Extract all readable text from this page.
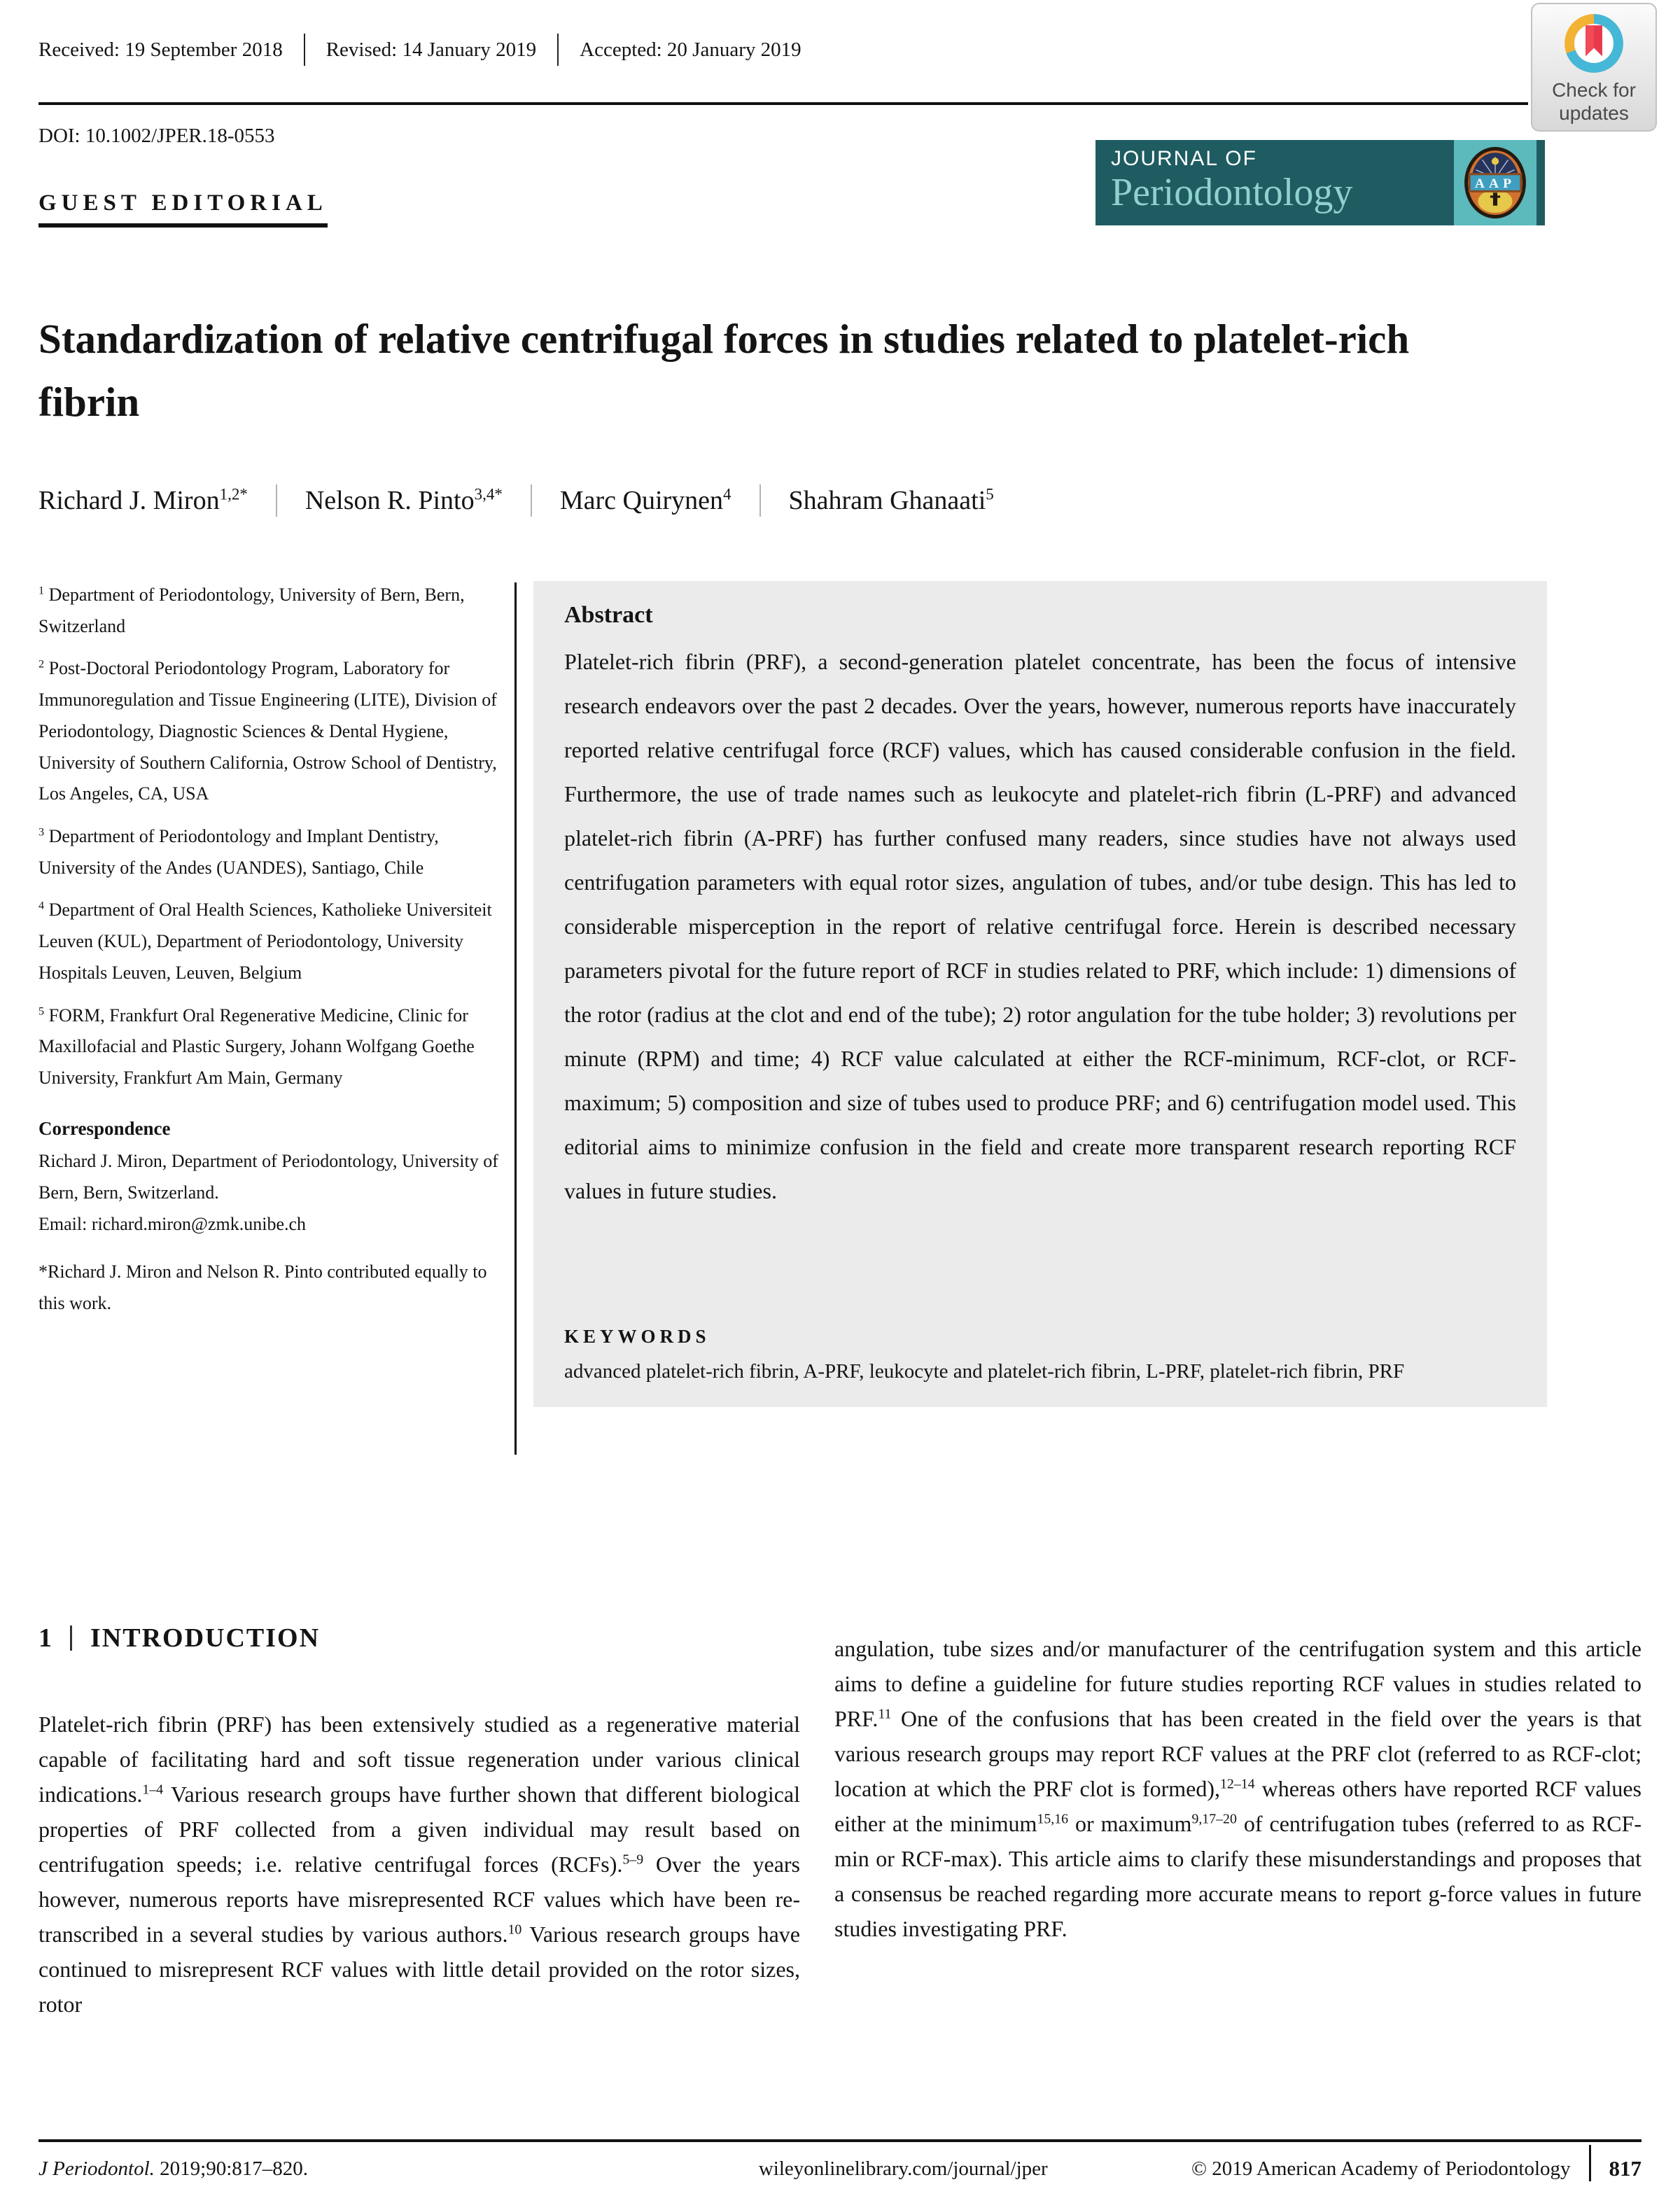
Received: 19 September 2018 Revised: 14 January 2019 Accepted: 20 January 2019
DOI: 10.1002/JPER.18-0553
GUEST EDITORIAL
Check for
updates
JOURNAL OF
Periodontology	AAP
Standardization of relative centrifugal forces in studies related to platelet-rich fibrin
Richard J. Miron$^{1,2*}$ Nelson R. Pinto$^{3,4*}$ Marc Quirynen$^4$ Shahram Ghanaati$^5$
$^1$ Department of Periodontology, University of Bern, Bern, Switzerland
$^2$ Post-Doctoral Periodontology Program, Laboratory for Immunoregulation and Tissue Engineering (LITE), Division of Periodontology, Diagnostic Sciences & Dental Hygiene, University of Southern California, Ostrow School of Dentistry, Los Angeles, CA, USA
$^3$ Department of Periodontology and Implant Dentistry, University of the Andes (UANDES), Santiago, Chile
$^4$ Department of Oral Health Sciences, Katholieke Universiteit Leuven (KUL), Department of Periodontology, University Hospitals Leuven, Leuven, Belgium
$^5$ FORM, Frankfurt Oral Regenerative Medicine, Clinic for Maxillofacial and Plastic Surgery, Johann Wolfgang Goethe University, Frankfurt Am Main, Germany
Correspondence
Richard J. Miron, Department of Periodontology, University of Bern, Bern, Switzerland.
Email: richard.miron@zmk.unibe.ch
*Richard J. Miron and Nelson R. Pinto contributed equally to this work.
Abstract
Platelet-rich fibrin (PRF), a second-generation platelet concentrate, has been the focus of intensive research endeavors over the past 2 decades. Over the years, however, numerous reports have inaccurately reported relative centrifugal force (RCF) values, which has caused considerable confusion in the field. Furthermore, the use of trade names such as leukocyte and platelet-rich fibrin (L-PRF) and advanced platelet-rich fibrin (A-PRF) has further confused many readers, since studies have not always used centrifugation parameters with equal rotor sizes, angulation of tubes, and/or tube design. This has led to considerable misperception in the report of relative centrifugal force. Herein is described necessary parameters pivotal for the future report of RCF in studies related to PRF, which include: 1) dimensions of the rotor (radius at the clot and end of the tube); 2) rotor angulation for the tube holder; 3) revolutions per minute (RPM) and time; 4) RCF value calculated at either the RCF-minimum, RCF-clot, or RCF-maximum; 5) composition and size of tubes used to produce PRF; and 6) centrifugation model used. This editorial aims to minimize confusion in the field and create more transparent research reporting RCF values in future studies.
KEYWORDS
advanced platelet-rich fibrin, A-PRF, leukocyte and platelet-rich fibrin, L-PRF, platelet-rich fibrin, PRF
1 INTRODUCTION
Platelet-rich fibrin (PRF) has been extensively studied as a regenerative material capable of facilitating hard and soft tissue regeneration under various clinical indications.$^{1-4}$ Various research groups have further shown that different biological properties of PRF collected from a given individual may result based on centrifugation speeds; i.e. relative centrifugal forces (RCFs).$^{5-9}$ Over the years however, numerous reports have misrepresented RCF values which have been re-transcribed in a several studies by various authors.$^{10}$ Various research groups have continued to misrepresent RCF values with little detail provided on the rotor sizes, rotor
angulation, tube sizes and/or manufacturer of the centrifugation system and this article aims to define a guideline for future studies reporting RCF values in studies related to PRF.$^{11}$ One of the confusions that has been created in the field over the years is that various research groups may report RCF values at the PRF clot (referred to as RCF-clot; location at which the PRF clot is formed),$^{12-14}$ whereas others have reported RCF values either at the minimum$^{15,16}$ or maximum$^{9,17-20}$ of centrifugation tubes (referred to as RCF-min or RCF-max). This article aims to clarify these misunderstandings and proposes that a consensus be reached regarding more accurate means to report g-force values in future studies investigating PRF.
J Periodontol. 2019;90:817–820.	wileyonlinelibrary.com/journal/jper	© 2019 American Academy of Periodontology 817
